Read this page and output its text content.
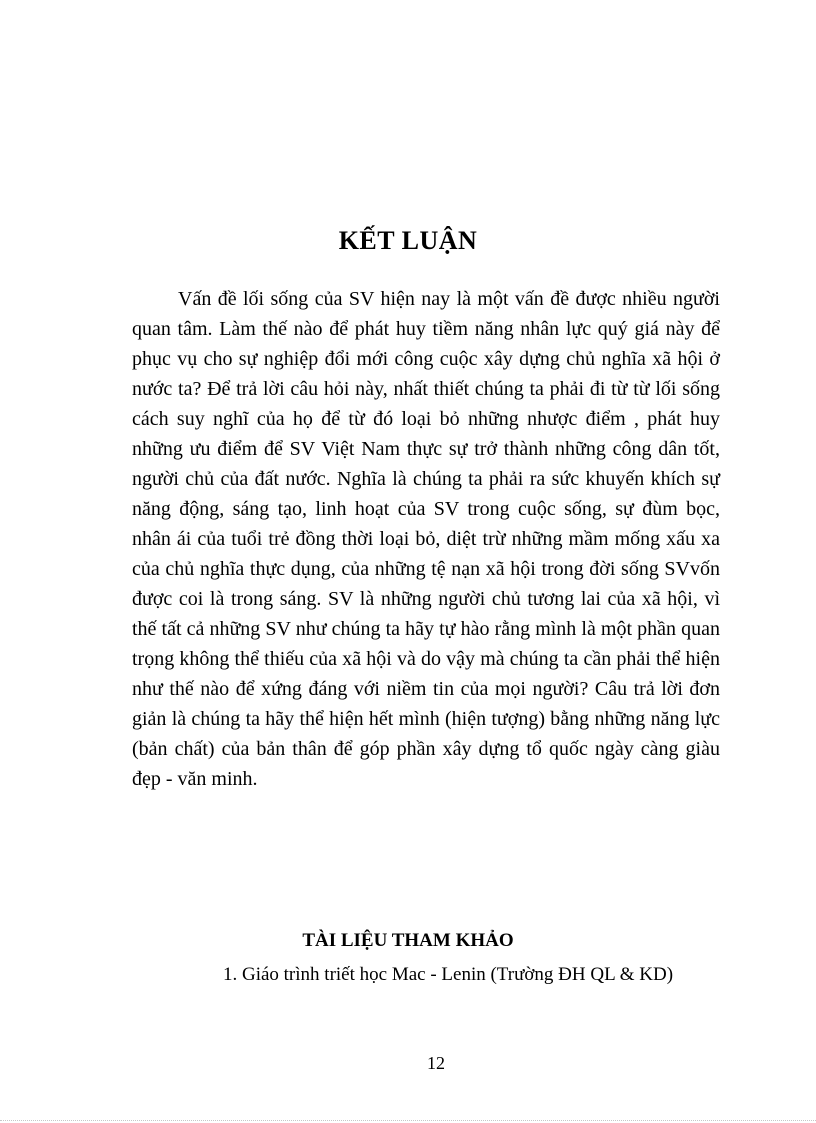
KẾT LUẬN

Vấn đề lối sống của SV hiện nay là một vấn đề được nhiều người quan tâm. Làm thế nào để phát huy tiềm năng nhân lực quý giá này để phục vụ cho sự nghiệp đổi mới công cuộc xây dựng chủ nghĩa xã hội ở nước ta? Để trả lời câu hỏi này, nhất thiết chúng ta phải đi từ từ lối sống cách suy nghĩ của họ để từ đó loại bỏ những nhược điểm , phát huy những ưu điểm để SV Việt Nam thực sự trở thành những công dân tốt, người chủ của đất nước. Nghĩa là chúng ta phải ra sức khuyến khích sự năng động, sáng tạo, linh hoạt của SV trong cuộc sống, sự đùm bọc, nhân ái của tuổi trẻ đồng thời loại bỏ, diệt trừ những mầm mống xấu xa của chủ nghĩa thực dụng, của những tệ nạn xã hội trong đời sống SVvốn được coi là trong sáng. SV là những người chủ tương lai của xã hội, vì thế tất cả những SV như chúng ta hãy tự hào rằng mình là một phần quan trọng không thể thiếu của xã hội và do vậy mà chúng ta cần phải thể hiện như thế nào để xứng đáng với niềm tin của mọi người? Câu trả lời đơn giản là chúng ta hãy thể hiện hết mình (hiện tượng) bằng những năng lực (bản chất) của bản thân để góp phần xây dựng tổ quốc ngày càng giàu đẹp - văn minh.

TÀI LIỆU THAM KHẢO
1. Giáo trình triết học Mac - Lenin (Trường ĐH QL & KD)
12
